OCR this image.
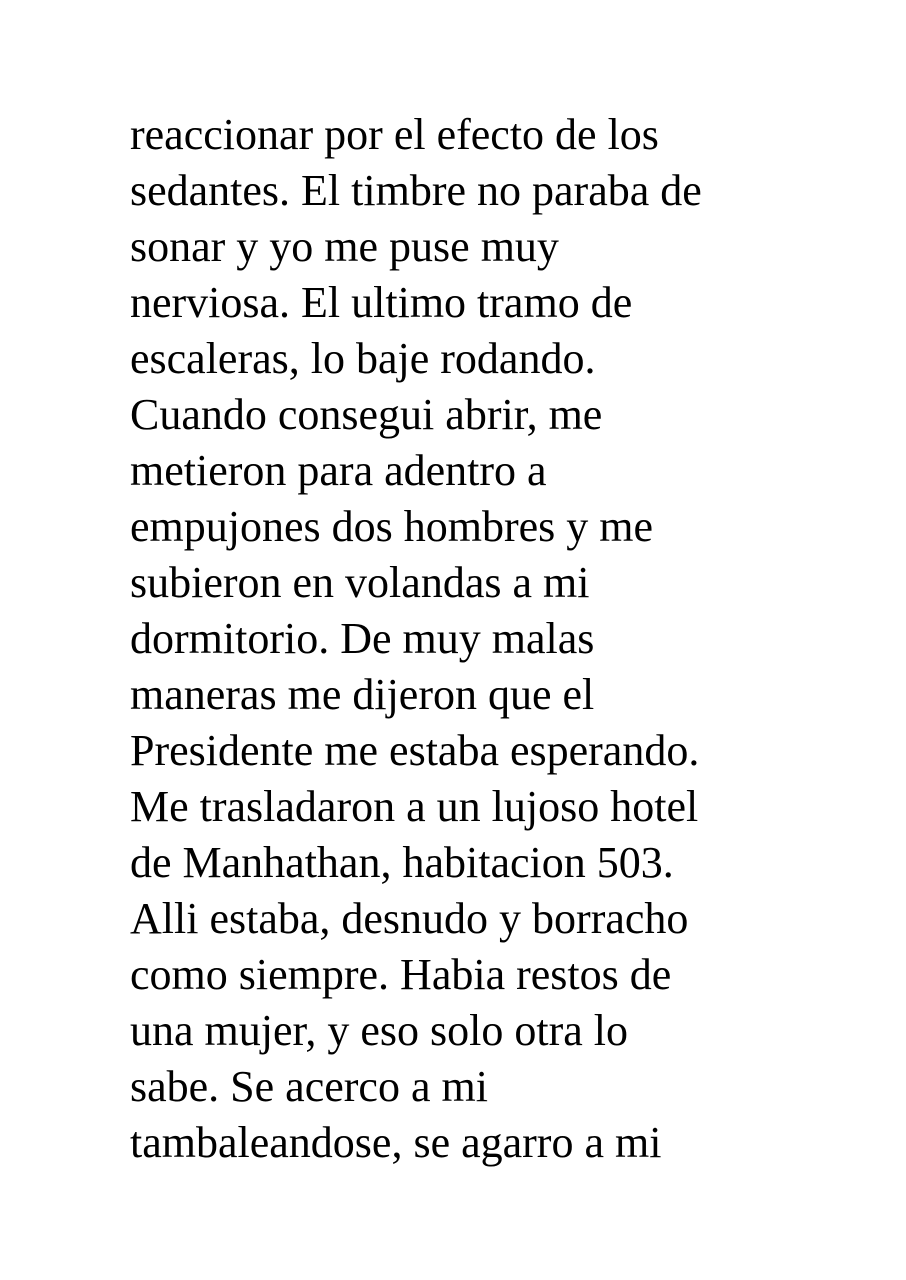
reaccionar por el efecto de los
sedantes. El timbre no paraba de
sonar y yo me puse muy
nerviosa. El ultimo tramo de
escaleras, lo baje rodando.
Cuando consegui abrir, me
metieron para adentro a
empujones dos hombres y me
subieron en volandas a mi
dormitorio. De muy malas
maneras me dijeron que el
Presidente me estaba esperando.
Me trasladaron a un lujoso hotel
de Manhathan, habitacion 503.
Alli estaba, desnudo y borracho
como siempre. Habia restos de
una mujer, y eso solo otra lo
sabe. Se acerco a mi
tambaleandose, se agarro a mi
